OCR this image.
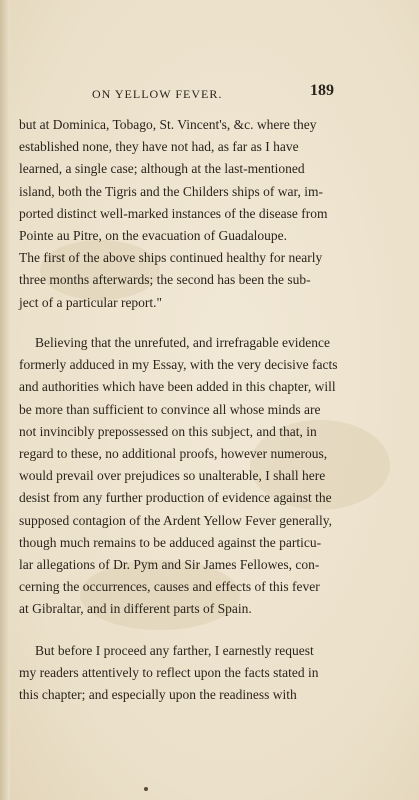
ON YELLOW FEVER.	189
but at Dominica, Tobago, St. Vincent's, &c. where they
established none, they have not had, as far as I have
learned, a single case; although at the last-mentioned
island, both the Tigris and the Childers ships of war, im-
ported distinct well-marked instances of the disease from
Pointe au Pitre, on the evacuation of Guadaloupe.
The first of the above ships continued healthy for nearly
three months afterwards; the second has been the sub-
ject of a particular report."
Believing that the unrefuted, and irrefragable evidence
formerly adduced in my Essay, with the very decisive facts
and authorities which have been added in this chapter, will
be more than sufficient to convince all whose minds are
not invincibly prepossessed on this subject, and that, in
regard to these, no additional proofs, however numerous,
would prevail over prejudices so unalterable, I shall here
desist from any further production of evidence against the
supposed contagion of the Ardent Yellow Fever generally,
though much remains to be adduced against the particu-
lar allegations of Dr. Pym and Sir James Fellowes, con-
cerning the occurrences, causes and effects of this fever
at Gibraltar, and in different parts of Spain.
But before I proceed any farther, I earnestly request
my readers attentively to reflect upon the facts stated in
this chapter; and especially upon the readiness with
